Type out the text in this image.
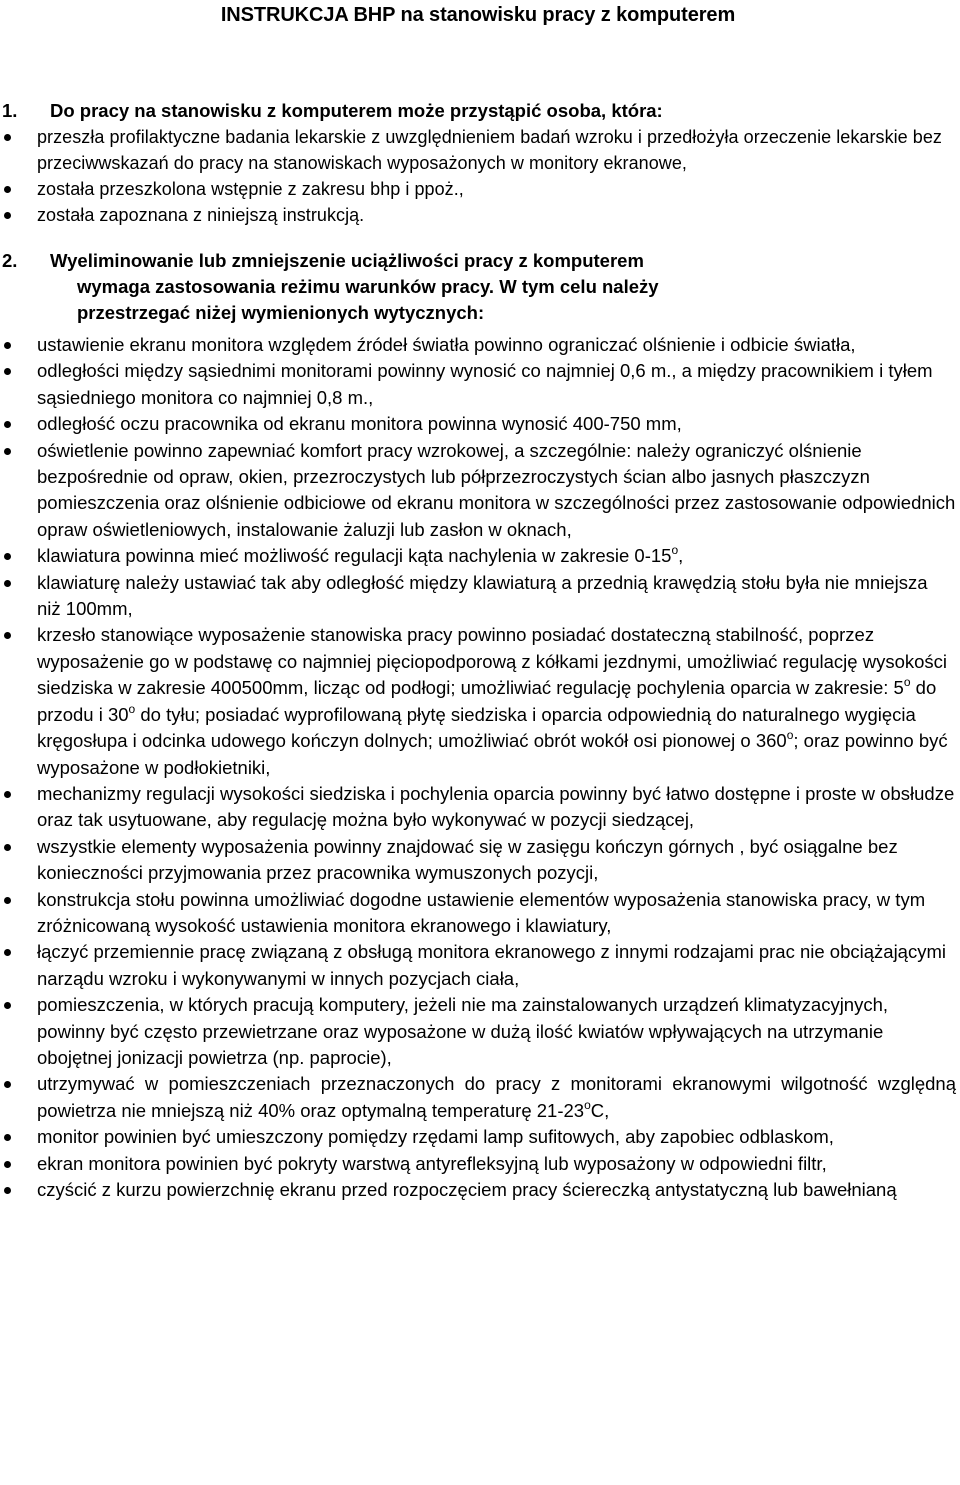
INSTRUKCJA BHP na stanowisku pracy z komputerem
1. Do pracy na stanowisku z komputerem może przystąpić osoba, która:
przeszła profilaktyczne badania lekarskie z uwzględnieniem badań wzroku i przedłożyła orzeczenie lekarskie bez przeciwwskazań do pracy na stanowiskach wyposażonych w monitory ekranowe,
została przeszkolona wstępnie z zakresu bhp i ppoż.,
została zapoznana z niniejszą instrukcją.
2. Wyeliminowanie lub zmniejszenie uciążliwości pracy z komputerem
wymaga zastosowania reżimu warunków pracy. W tym celu należy
przestrzegać niżej wymienionych wytycznych:
ustawienie ekranu monitora względem źródeł światła powinno ograniczać olśnienie i odbicie światła,
odległości między sąsiednimi monitorami powinny wynosić co najmniej 0,6 m., a między pracownikiem i tyłem sąsiedniego monitora co najmniej 0,8 m.,
odległość oczu pracownika od ekranu monitora powinna wynosić 400-750 mm,
oświetlenie powinno zapewniać komfort pracy wzrokowej, a szczególnie: należy ograniczyć olśnienie bezpośrednie od opraw, okien, przezroczystych lub półprzezroczystych ścian albo jasnych płaszczyzn pomieszczenia oraz olśnienie odbiciowe od ekranu monitora w szczególności przez zastosowanie odpowiednich opraw oświetleniowych, instalowanie żaluzji lub zasłon w oknach,
klawiatura powinna mieć możliwość regulacji kąta nachylenia w zakresie 0-15$^o$,
klawiaturę należy ustawiać tak aby odległość między klawiaturą a przednią krawędzią stołu była nie mniejsza niż 100mm,
krzesło stanowiące wyposażenie stanowiska pracy powinno posiadać dostateczną stabilność, poprzez wyposażenie go w podstawę co najmniej pięciopodporową z kółkami jezdnymi, umożliwiać regulację wysokości siedziska w zakresie 400500mm, licząc od podłogi; umożliwiać regulację pochylenia oparcia w zakresie: 5$^o$ do przodu i 30$^o$ do tyłu; posiadać wyprofilowaną płytę siedziska i oparcia odpowiednią do naturalnego wygięcia kręgosłupa i odcinka udowego kończyn dolnych; umożliwiać obrót wokół osi pionowej o 360$^o$; oraz powinno być wyposażone w podłokietniki,
mechanizmy regulacji wysokości siedziska i pochylenia oparcia powinny być łatwo dostępne i proste w obsłudze oraz tak usytuowane, aby regulację można było wykonywać w pozycji siedzącej,
wszystkie elementy wyposażenia powinny znajdować się w zasięgu kończyn górnych , być osiągalne bez konieczności przyjmowania przez pracownika wymuszonych pozycji,
konstrukcja stołu powinna umożliwiać dogodne ustawienie elementów wyposażenia stanowiska pracy, w tym zróżnicowaną wysokość ustawienia monitora ekranowego i klawiatury,
łączyć przemiennie pracę związaną z obsługą monitora ekranowego z innymi rodzajami prac nie obciążającymi narządu wzroku i wykonywanymi w innych pozycjach ciała,
pomieszczenia, w których pracują komputery, jeżeli nie ma zainstalowanych urządzeń klimatyzacyjnych, powinny być często przewietrzane oraz wyposażone w dużą ilość kwiatów wpływających na utrzymanie obojętnej jonizacji powietrza (np. paprocie),
utrzymywać w pomieszczeniach przeznaczonych do pracy z monitorami ekranowymi wilgotność względną powietrza nie mniejszą niż 40% oraz optymalną temperaturę 21-23$^o$C,
monitor powinien być umieszczony pomiędzy rzędami lamp sufitowych, aby zapobiec odblaskom,
ekran monitora powinien być pokryty warstwą antyrefleksyjną lub wyposażony w odpowiedni filtr,
czyścić z kurzu powierzchnię ekranu przed rozpoczęciem pracy ściereczką antystatyczną lub bawełnianą
